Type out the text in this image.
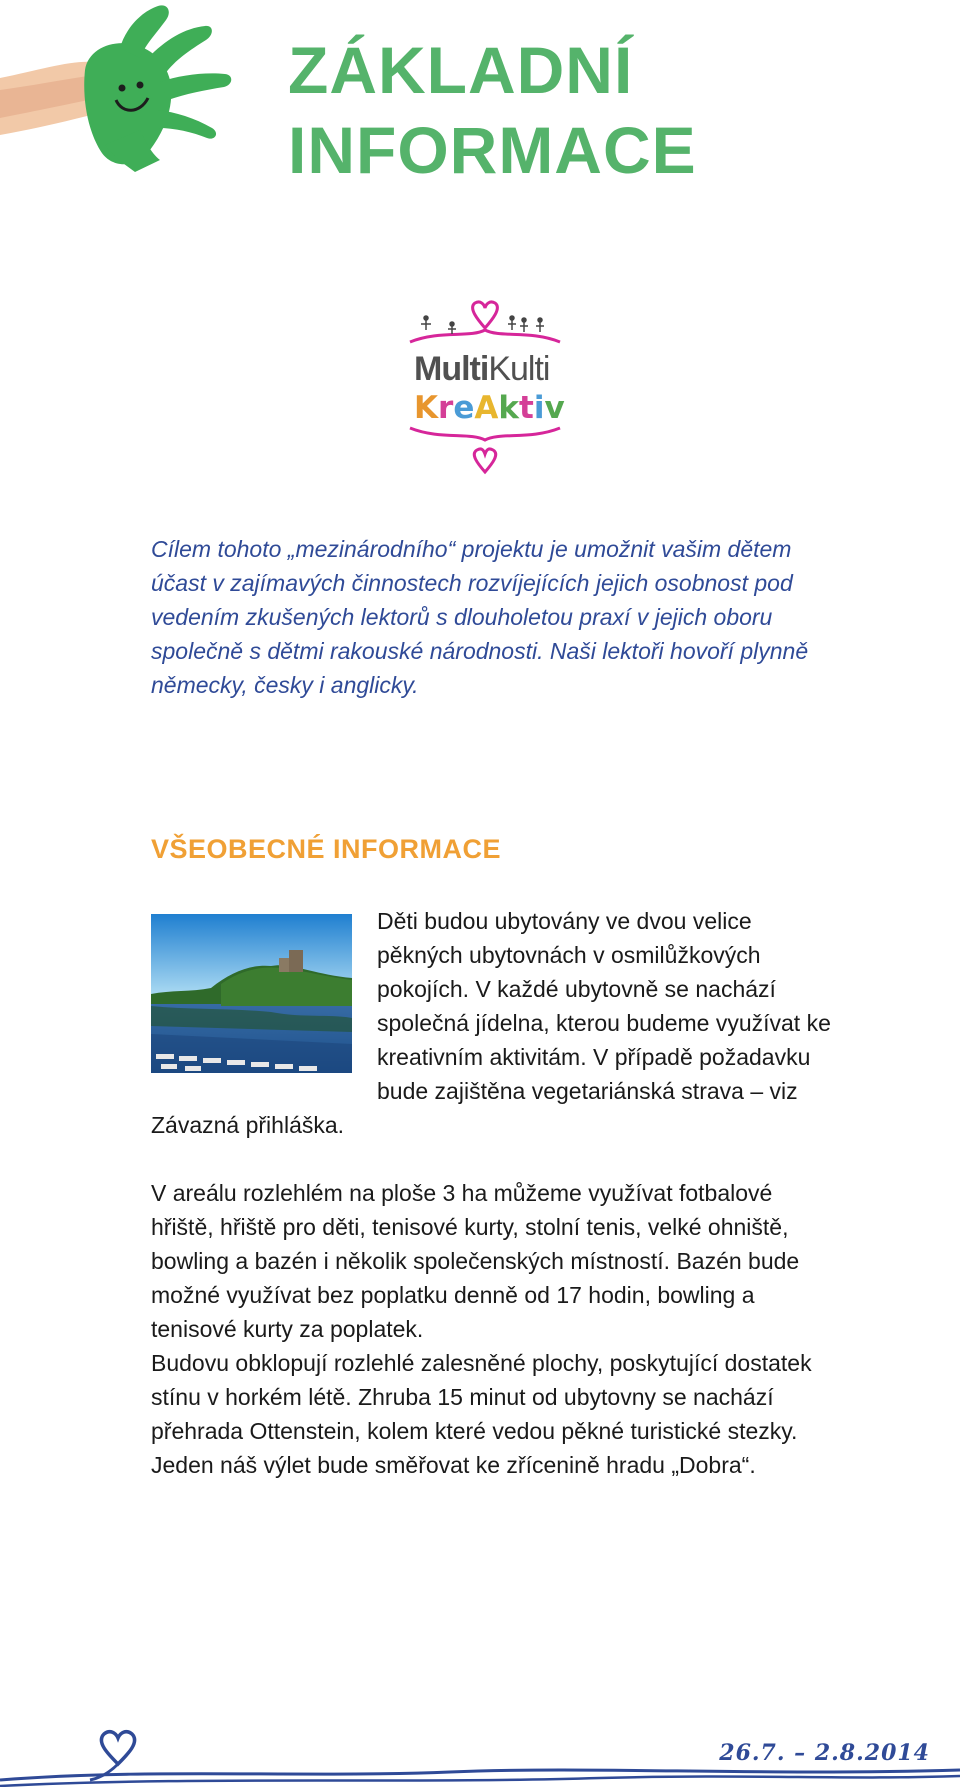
ZÁKLADNÍ
INFORMACE
MultiKulti
KreAktiv

Cílem tohoto „mezinárodního“ projektu je umožnit vašim dětem účast v zajímavých činnostech rozvíjejících jejich osobnost pod vedením zkušených lektorů s dlouholetou praxí v jejich oboru společně s dětmi rakouské národnosti. Naši lektoři hovoří plynně německy, česky i anglicky.

VŠEOBECNÉ INFORMACE
Děti budou ubytovány ve dvou velice pěkných ubytovnách v osmilůžkových pokojích. V každé ubytovně se nachází společná jídelna, kterou budeme využívat ke kreativním aktivitám. V případě požadavku bude zajištěna vegetariánská strava – viz Závazná přihláška.
V areálu rozlehlém na ploše 3 ha můžeme využívat fotbalové hřiště, hřiště pro děti, tenisové kurty, stolní tenis, velké ohniště, bowling a bazén i několik společenských místností. Bazén bude možné využívat bez poplatku denně od 17 hodin, bowling a tenisové kurty za poplatek.
Budovu obklopují rozlehlé zalesněné plochy, poskytující dostatek stínu v horkém létě. Zhruba 15 minut od ubytovny se nachází přehrada Ottenstein, kolem které vedou pěkné turistické stezky. Jeden náš výlet bude směřovat ke zřícenině hradu „Dobra“.
26.7. – 2.8.2014
